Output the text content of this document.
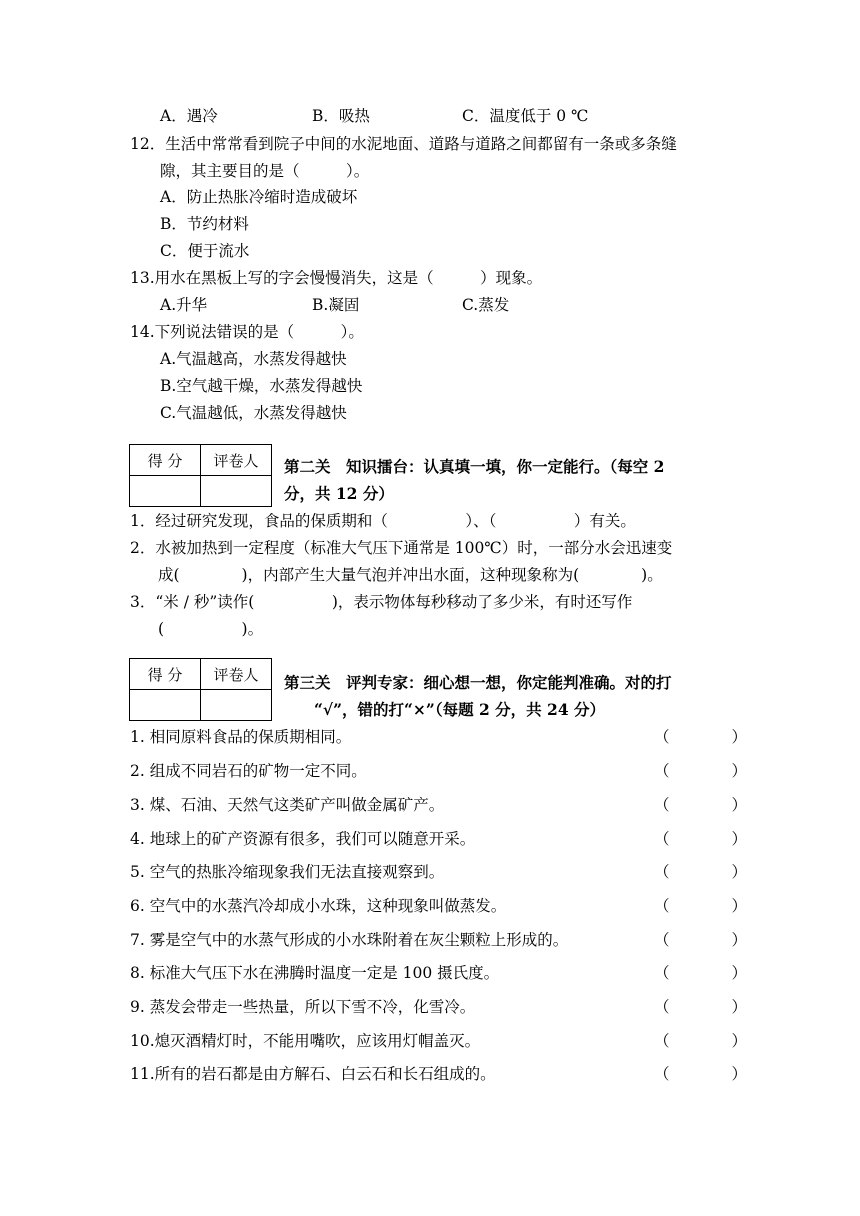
A．遇冷	B．吸热	C．温度低于 0 ℃
12．生活中常常看到院子中间的水泥地面、道路与道路之间都留有一条或多条缝
隙，其主要目的是（　　　）。
A．防止热胀冷缩时造成破坏
B．节约材料
C．便于流水
13.用水在黑板上写的字会慢慢消失，这是（　　　）现象。
A.升华	B.凝固	C.蒸发
14.下列说法错误的是（　　　）。
A.气温越高，水蒸发得越快
B.空气越干燥，水蒸发得越快
C.气温越低，水蒸发得越快
得 分	评卷人
	第二关　知识擂台：认真填一填，你一定能行。（每空 2
分，共 12 分）
1．经过研究发现，食品的保质期和（　　　　　）、（　　　　　）有关。
2．水被加热到一定程度（标准大气压下通常是 100℃）时，一部分水会迅速变
成(　　　　)，内部产生大量气泡并冲出水面，这种现象称为(　　　　)。
3．“米 / 秒”读作(　　　　　)，表示物体每秒移动了多少米，有时还写作
(　　　　　)。
得 分	评卷人
	第三关　评判专家：细心想一想，你定能判准确。对的打
“√”，错的打“×”（每题 2 分，共 24 分）
1. 相同原料食品的保质期相同。	（　　　　）
2. 组成不同岩石的矿物一定不同。	（　　　　）
3. 煤、石油、天然气这类矿产叫做金属矿产。	（　　　　）
4. 地球上的矿产资源有很多，我们可以随意开采。	（　　　　）
5. 空气的热胀冷缩现象我们无法直接观察到。	（　　　　）
6. 空气中的水蒸汽冷却成小水珠，这种现象叫做蒸发。	（　　　　）
7. 雾是空气中的水蒸气形成的小水珠附着在灰尘颗粒上形成的。	（　　　　）
8. 标准大气压下水在沸腾时温度一定是 100 摄氏度。	（　　　　）
9. 蒸发会带走一些热量，所以下雪不冷，化雪冷。	（　　　　）
10.熄灭酒精灯时，不能用嘴吹，应该用灯帽盖灭。	（　　　　）
11.所有的岩石都是由方解石、白云石和长石组成的。	（　　　　）
